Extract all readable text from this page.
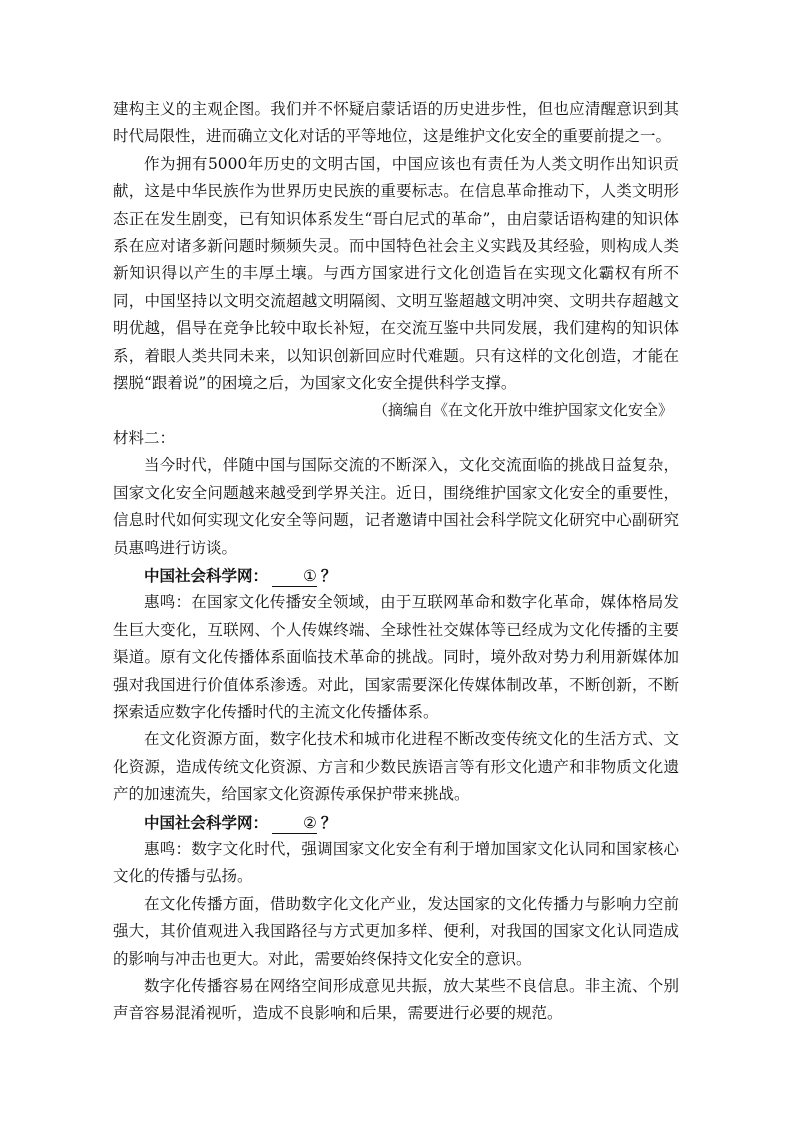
建构主义的主观企图。我们并不怀疑启蒙话语的历史进步性，但也应清醒意识到其时代局限性，进而确立文化对话的平等地位，这是维护文化安全的重要前提之一。

作为拥有5000年历史的文明古国，中国应该也有责任为人类文明作出知识贡献，这是中华民族作为世界历史民族的重要标志。在信息革命推动下，人类文明形态正在发生剧变，已有知识体系发生“哥白尼式的革命”，由启蒙话语构建的知识体系在应对诸多新问题时频频失灵。而中国特色社会主义实践及其经验，则构成人类新知识得以产生的丰厚土壤。与西方国家进行文化创造旨在实现文化霸权有所不同，中国坚持以文明交流超越文明隔阂、文明互鉴超越文明冲突、文明共存超越文明优越，倡导在竞争比较中取长补短，在交流互鉴中共同发展，我们建构的知识体系，着眼人类共同未来，以知识创新回应时代难题。只有这样的文化创造，才能在摆脱“跟着说”的困境之后，为国家文化安全提供科学支撑。

（摘编自《在文化开放中维护国家文化安全》

材料二：

当今时代，伴随中国与国际交流的不断深入，文化交流面临的挑战日益复杂，国家文化安全问题越来越受到学界关注。近日，围绕维护国家文化安全的重要性，信息时代如何实现文化安全等问题，记者邀请中国社会科学院文化研究中心副研究员惠鸣进行访谈。

中国社会科学网： ① ？

惠鸣：在国家文化传播安全领域，由于互联网革命和数字化革命，媒体格局发生巨大变化，互联网、个人传媒终端、全球性社交媒体等已经成为文化传播的主要渠道。原有文化传播体系面临技术革命的挑战。同时，境外敌对势力利用新媒体加强对我国进行价值体系渗透。对此，国家需要深化传媒体制改革，不断创新，不断探索适应数字化传播时代的主流文化传播体系。

在文化资源方面，数字化技术和城市化进程不断改变传统文化的生活方式、文化资源，造成传统文化资源、方言和少数民族语言等有形文化遗产和非物质文化遗产的加速流失，给国家文化资源传承保护带来挑战。

中国社会科学网： ② ？

惠鸣：数字文化时代，强调国家文化安全有利于增加国家文化认同和国家核心文化的传播与弘扬。

在文化传播方面，借助数字化文化产业，发达国家的文化传播力与影响力空前强大，其价值观进入我国路径与方式更加多样、便利，对我国的国家文化认同造成的影响与冲击也更大。对此，需要始终保持文化安全的意识。

数字化传播容易在网络空间形成意见共振，放大某些不良信息。非主流、个别声音容易混淆视听，造成不良影响和后果，需要进行必要的规范。
